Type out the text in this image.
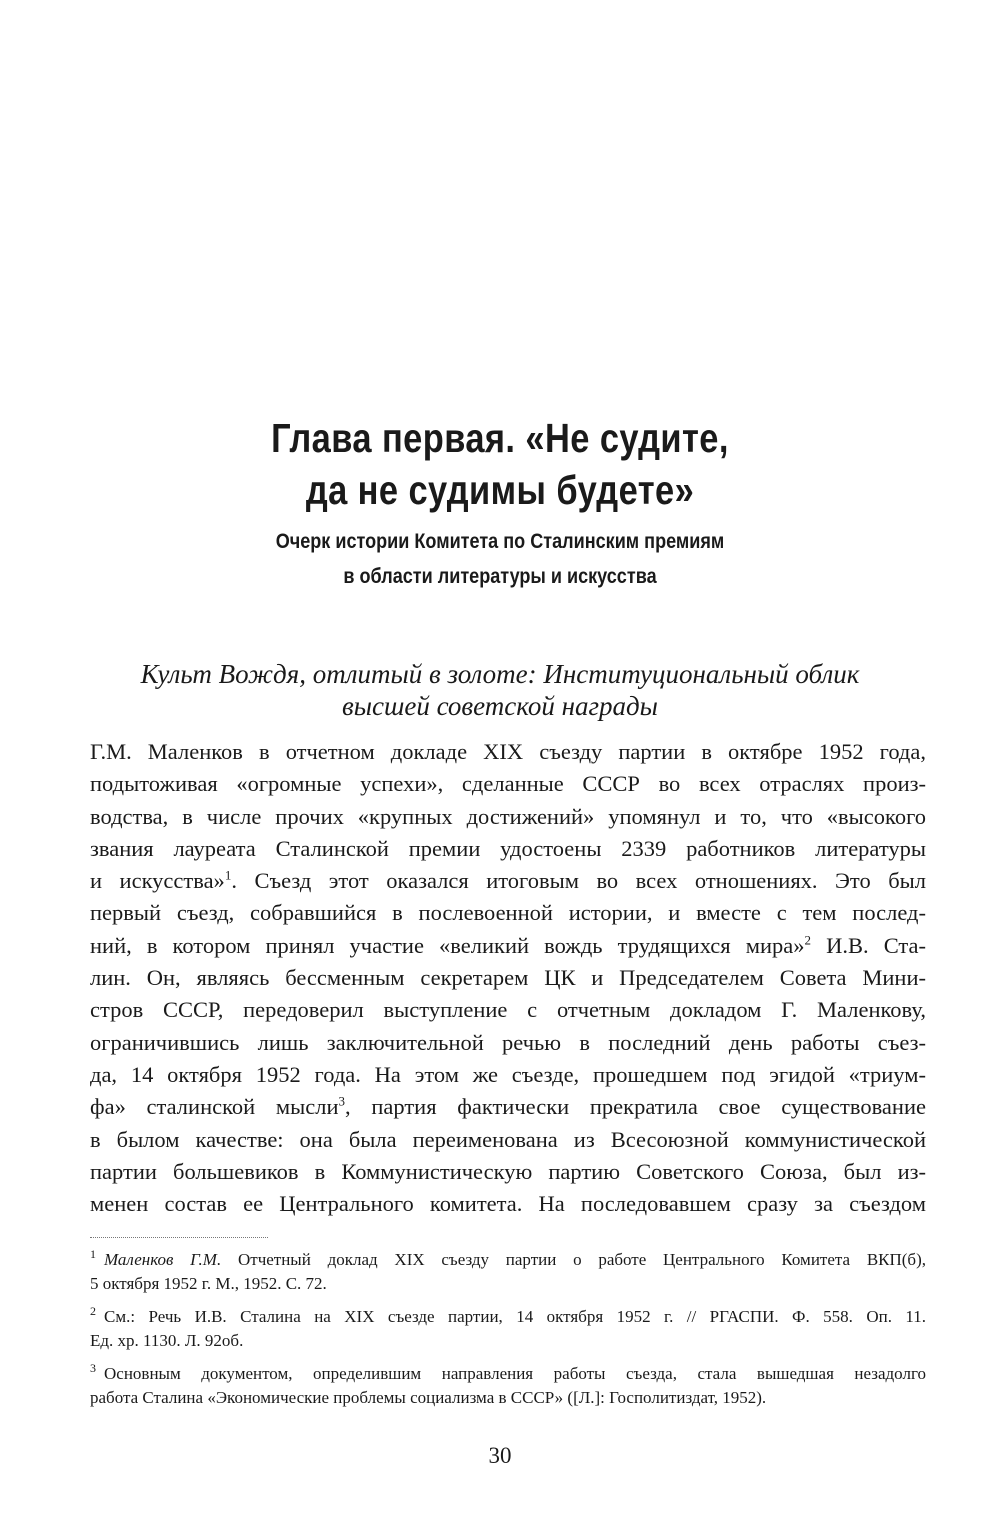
Глава первая. «Не судите,
да не судимы будете»
Очерк истории Комитета по Сталинским премиям
в области литературы и искусства
Культ Вождя, отлитый в золоте: Институциональный облик
высшей советской награды
Г.М. Маленков в отчетном докладе XIX съезду партии в октябре 1952 года,
подытоживая «огромные успехи», сделанные СССР во всех отраслях произ-
водства, в числе прочих «крупных достижений» упомянул и то, что «высокого
звания лауреата Сталинской премии удостоены 2339 работников литературы
и искусства»$^1$. Съезд этот оказался итоговым во всех отношениях. Это был
первый съезд, собравшийся в послевоенной истории, и вместе с тем послед-
ний, в котором принял участие «великий вождь трудящихся мира»$^2$ И.В. Ста-
лин. Он, являясь бессменным секретарем ЦК и Председателем Совета Мини-
стров СССР, передоверил выступление с отчетным докладом Г. Маленкову,
ограничившись лишь заключительной речью в последний день работы съез-
да, 14 октября 1952 года. На этом же съезде, прошедшем под эгидой «триум-
фа» сталинской мысли$^3$, партия фактически прекратила свое существование
в былом качестве: она была переименована из Всесоюзной коммунистической
партии большевиков в Коммунистическую партию Советского Союза, был из-
менен состав ее Центрального комитета. На последовавшем сразу за съездом
$^1$ Маленков Г.М. Отчетный доклад XIX съезду партии о работе Центрального Комитета ВКП(б),
5 октября 1952 г. М., 1952. С. 72.
$^2$ См.: Речь И.В. Сталина на XIX съезде партии, 14 октября 1952 г. // РГАСПИ. Ф. 558. Оп. 11.
Ед. хр. 1130. Л. 92об.
$^3$ Основным документом, определившим направления работы съезда, стала вышедшая незадолго
работа Сталина «Экономические проблемы социализма в СССР» ([Л.]: Госполитиздат, 1952).
30
